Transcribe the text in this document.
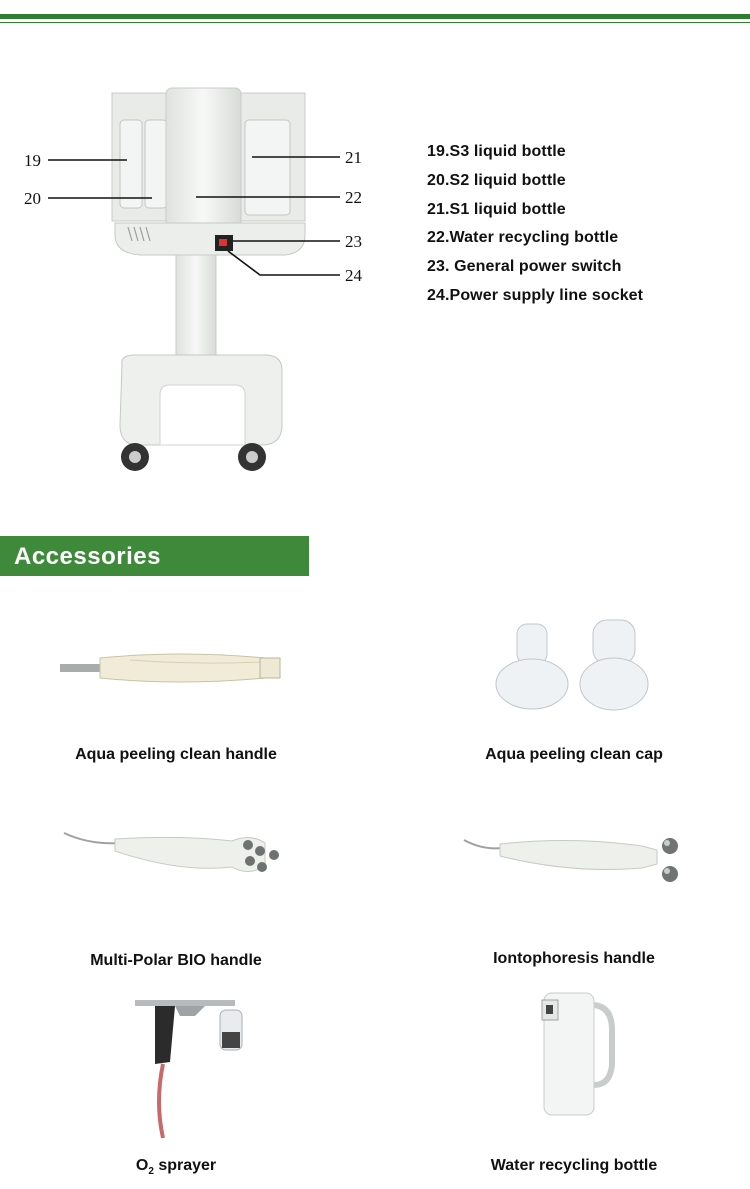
19
20
21
22
23
24
19.S3 liquid bottle
20.S2 liquid bottle
21.S1 liquid bottle
22.Water recycling bottle
23. General power switch
24.Power supply line socket
Accessories
Aqua peeling clean handle	Aqua peeling clean cap
Multi-Polar BIO handle	Iontophoresis handle
$O_2$ sprayer	Water recycling bottle
